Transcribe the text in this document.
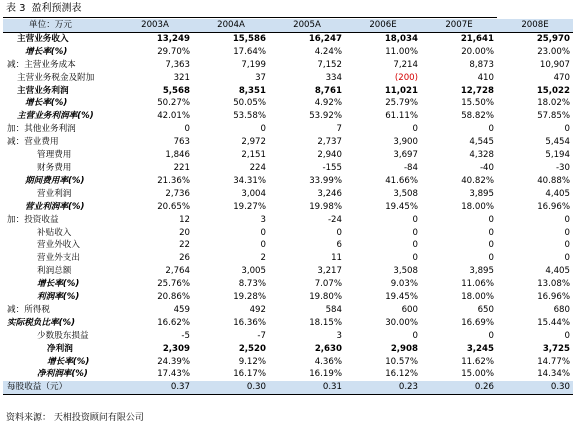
表 3 盈利预测表
单位：万元	2003A	2004A	2005A	2006E	2007E	2008E
主营业务收入	13,249	15,586	16,247	18,034	21,641	25,970
增长率(%)	29.70%	17.64%	4.24%	11.00%	20.00%	23.00%
减：主营业务成本	7,363	7,199	7,152	7,214	8,873	10,907
主营业务税金及附加	321	37	334	(200)	410	470
主营业务利润	5,568	8,351	8,761	11,021	12,728	15,022
增长率(%)	50.27%	50.05%	4.92%	25.79%	15.50%	18.02%
主营业务利润率(%)	42.01%	53.58%	53.92%	61.11%	58.82%	57.85%
加：其他业务利润	0	0	7	0	0	0
减：营业费用	763	2,972	2,737	3,900	4,545	5,454
管理费用	1,846	2,151	2,940	3,697	4,328	5,194
财务费用	221	224	-155	-84	-40	-30
期间费用率(%)	21.36%	34.31%	33.99%	41.66%	40.82%	40.88%
营业利润	2,736	3,004	3,246	3,508	3,895	4,405
营业利润率(%)	20.65%	19.27%	19.98%	19.45%	18.00%	16.96%
加：投资收益	12	3	-24	0	0	0
补贴收入	20	0	0	0	0	0
营业外收入	22	0	6	0	0	0
营业外支出	26	2	11	0	0	0
利润总额	2,764	3,005	3,217	3,508	3,895	4,405
增长率(%)	25.76%	8.73%	7.07%	9.03%	11.06%	13.08%
利润率(%)	20.86%	19.28%	19.80%	19.45%	18.00%	16.96%
减：所得税	459	492	584	600	650	680
实际税负比率(%)	16.62%	16.36%	18.15%	30.00%	16.69%	15.44%
少数股东损益	-5	-7	3	0	0	0
净利润	2,309	2,520	2,630	2,908	3,245	3,725
增长率(%)	24.39%	9.12%	4.36%	10.57%	11.62%	14.77%
净利润率(%)	17.43%	16.17%	16.19%	16.12%	15.00%	14.34%
每股收益（元）	0.37	0.30	0.31	0.23	0.26	0.30
资料来源： 天相投资顾问有限公司
